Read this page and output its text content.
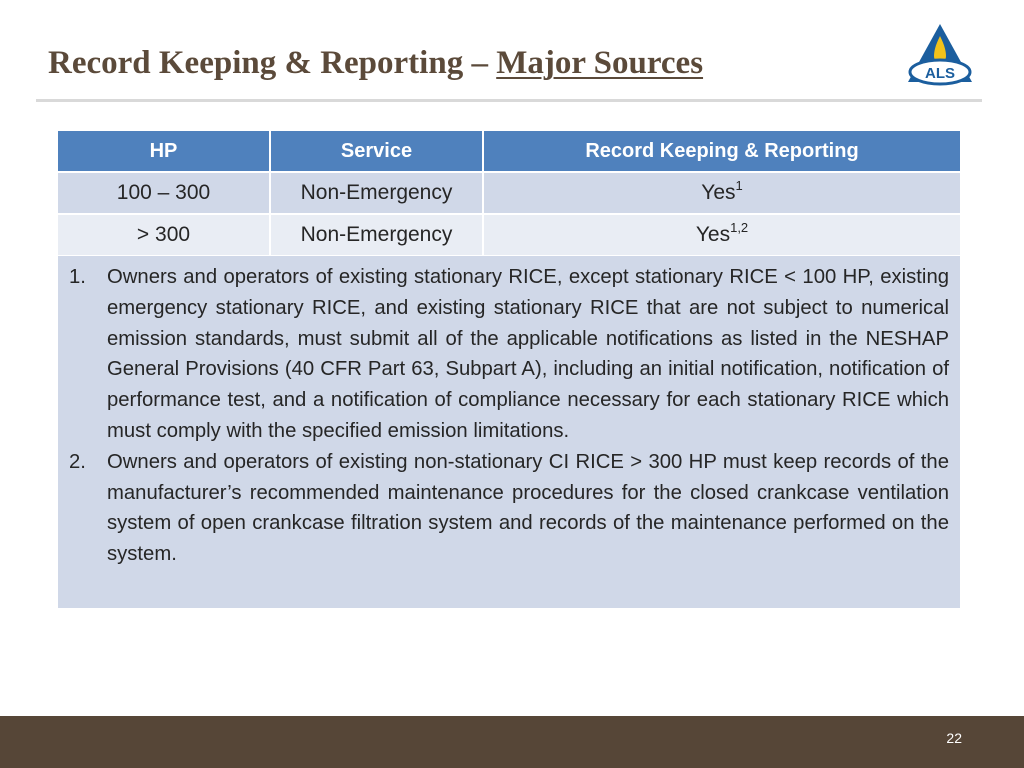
Record Keeping & Reporting – Major Sources	ALS
HP	Service	Record Keeping & Reporting
100 – 300	Non-Emergency	Yes$^1$
> 300	Non-Emergency	Yes$^{1,2}$
1.	Owners and operators of existing stationary RICE, except stationary RICE < 100 HP, existing emergency stationary RICE, and existing stationary RICE that are not subject to numerical emission standards, must submit all of the applicable notifications as listed in the NESHAP General Provisions (40 CFR Part 63, Subpart A), including an initial notification, notification of performance test, and a notification of compliance necessary for each stationary RICE which must comply with the specified emission limitations.
2.	Owners and operators of existing non-stationary CI RICE > 300 HP must keep records of the manufacturer’s recommended maintenance procedures for the closed crankcase ventilation system of open crankcase filtration system and records of the maintenance performed on the system.
22
